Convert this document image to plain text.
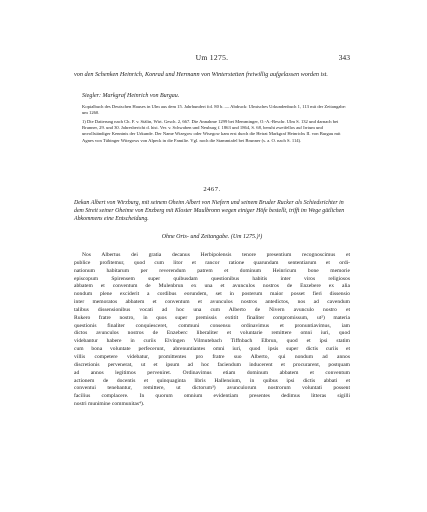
Um 1275.	343
von den Schenken Heinrich, Konrad und Hermann von Winterstetten freiwillig aufgelassen worden ist.
Siegler: Markgraf Heinrich von Burgau.
Kopialbuch des Deutschen Hauses in Ulm aus dem 15. Jahrhundert fol. 80 b. — Abdruck: Ulmisches Urkundenbuch 1, 113 mit der Zeitangabe: um 1260.
1) Die Datierung nach Ch. F. v. Stälin, Wirt. Gesch. 2, 667. Die Annahme 1299 bei Memminger, O.-A.-Beschr. Ulm S. 132 und darnach bei Brunner, 29. und 30. Jahresbericht d. hist. Ver. v. Schwaben und Neuburg f. 1863 und 1864, S. 68, beruht zweifellos auf Irrtum und unvollständiger Kenntnis der Urkunde. Der Name Wizegow oder Wisegow kam erst durch die Heirat Markgraf Heinrichs II. von Burgau mit Agnes von Tübinger Witegows von Alpeck in die Familie. Vgl. noch die Stammtafel bei Brunner (s. a. O. nach S. 114).
2467.
Dekan Albert von Wirzburg, mit seinem Oheim Albert von Niefern und seinem Bruder Rucker als Schiedsrichter in dem Streit seiner Oheime von Enzberg mit Kloster Maulbronn wegen einiger Höfe bestellt, trifft im Wege gütlichen Abkommens eine Entscheidung.
Ohne Orts- und Zeitangabe. (Um 1275.)¹)
Nos Albertus dei gratia decanus Herbipolensis tenore presentium recognoscimus et
publice profitemur, quod cum litor et rancor ratione quarundam sententiarum et ordi-
nationum habitarum per reverendum patrem et dominum Heinricum bone memorie
episcopum Spirensem super quibusdam questionibus habitis inter viros religiosos
abbatem et conventum de Mulenbrun ex una et avunculos nostros de Enzebere ex alia
nondum plene exciderit a cordibus eorundem, set in posterum maior posset fieri dissensio
inter memoratos abbatem et conventum et avunculos nostros antedictos, nos ad cavendum
talibus dissensionibus vocati ad hoc una cum Alberto de Nivern avunculo nostro et
Rukero fratre nostro, in quos super premissis extitit finaliter compromissum, ut²) materia
questionis finaliter conquiesceret, communi consensu ordinavimus et pronuntiavimus, iam
dictos avunculos nostros de Enzeberc liberaliter et voluntarie remittere omni iuri, quod
videbantur habere in curiis Elvingen Vilmutebach Tiffnbach Elbrun, quod et ipsi statim
cum bona voluntate perfecerunt, abrenuntiantes omni iuri, quod ipsis super dictis curiis et
villis competere videbatur, promittentes pro fratre suo Alberto, qui nondum ad annos
discretionis pervenerat, ut et ipsum ad hoc faciendum inducerent et procurarent, postquam
ad annos legitimos perveniret. Ordinavimus etiam dominum abbatem et conventum
actionem de docentis et quinquaginta libris Hallensium, in quibus ipsi dictis abbati et
conventui tenebantur, remittere, ut dictorum³) avunculorum nostrorum voluntati possent
facilius complacere. In quorum omnium evidentiam presentes dedimus litteras sigilli
nostri munimine communitas⁴).
